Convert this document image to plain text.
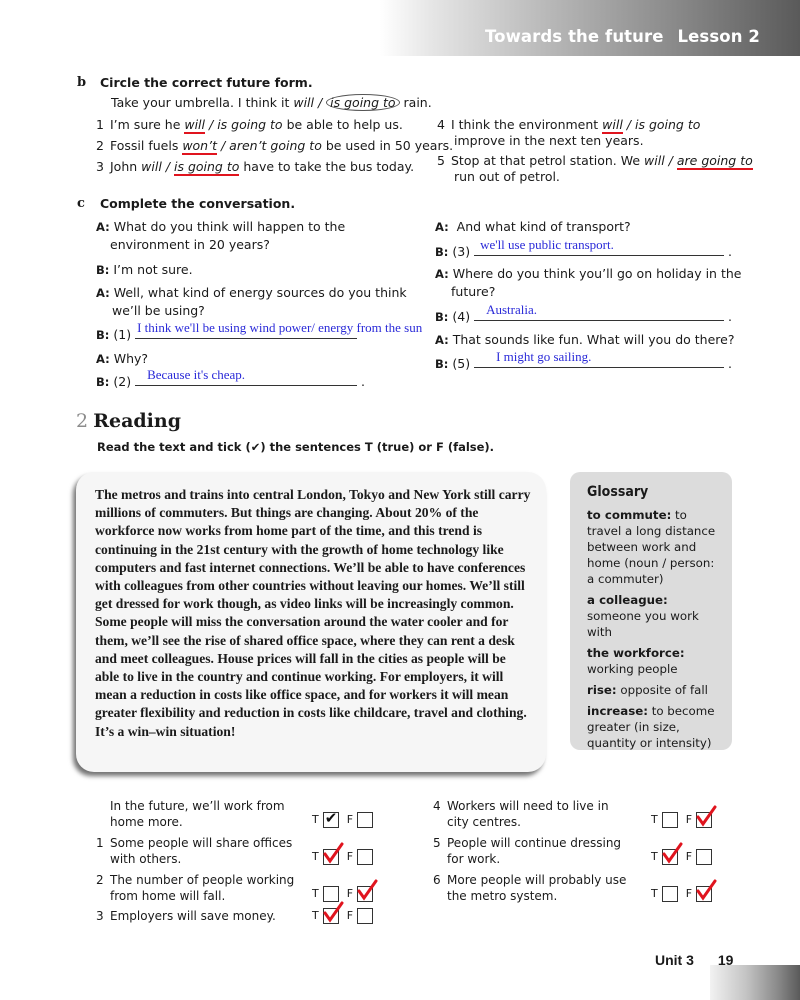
Towards the future Lesson 2
b Circle the correct future form.
Take your umbrella. I think it will / is going to rain.
1 I’m sure he will / is going to be able to help us.
2 Fossil fuels won’t / aren’t going to be used in 50 years.
3 John will / is going to have to take the bus today.
4 I think the environment will / is going to
improve in the next ten years.
5 Stop at that petrol station. We will / are going to
run out of petrol.
c Complete the conversation.
A: What do you think will happen to the
environment in 20 years?
B: I’m not sure.
A: Well, what kind of energy sources do you think
we’ll be using?
B: (1) I think we'll be using wind power/ energy from the sun
A: Why?
B: (2) Because it's cheap.	.
A: And what kind of transport?
B: (3) we'll use public transport.	.
A: Where do you think you’ll go on holiday in the
future?
B: (4) Australia.	.
A: That sounds like fun. What will you do there?
B: (5) I might go sailing.	.
2 Reading
Read the text and tick (✔) the sentences T (true) or F (false).

The metros and trains into central London, Tokyo and New York still carry millions of commuters. But things are changing. About 20% of the workforce now works from home part of the time, and this trend is continuing in the 21st century with the growth of home technology like computers and fast internet connections. We’ll be able to have conferences with colleagues from other countries without leaving our homes. We’ll still get dressed for work though, as video links will be increasingly common. Some people will miss the conversation around the water cooler and for them, we’ll see the rise of shared office space, where they can rent a desk and meet colleagues. House prices will fall in the cities as people will be able to live in the country and continue working. For employers, it will mean a reduction in costs like office space, and for workers it will mean greater flexibility and reduction in costs like childcare, travel and clothing. It’s a win–win situation!

Glossary
to commute: to travel a long distance between work and home (noun / person: a commuter)
a colleague: someone you work with
the workforce:
working people
rise: opposite of fall
increase: to become greater (in size, quantity or intensity)
In the future, we’ll work from
home more.	T ✔	F
1 Some people will share offices
with others.	T	F
2 The number of people working
from home will fall.	T	F
3 Employers will save money.	T	F
4 Workers will need to live in
city centres.	T	F
5 People will continue dressing
for work.	T	F
6 More people will probably use
the metro system.	T	F
Unit 3 19
